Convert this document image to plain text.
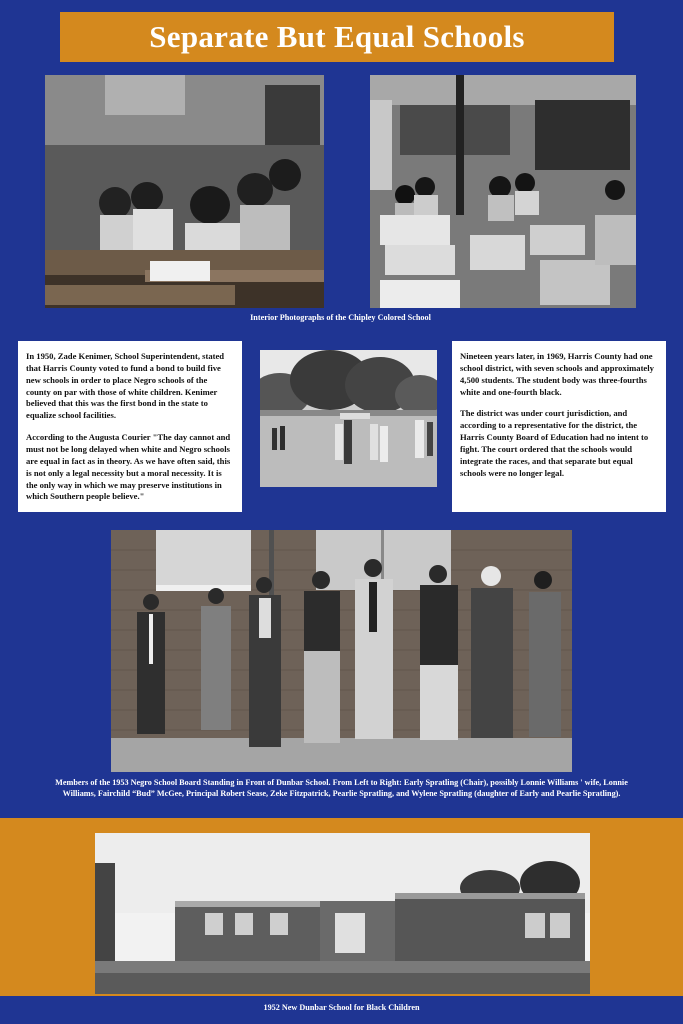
Separate But Equal Schools
Interior Photographs of the Chipley Colored School

In 1950, Zade Kenimer, School Superintendent, stated that Harris County voted to fund a bond to build five new schools in order to place Negro schools of the county on par with those of white children. Kenimer believed that this was the first bond in the state to equalize school facilities.

According to the Augusta Courier "The day cannot and must not be long delayed when white and Negro schools are equal in fact as in theory. As we have often said, this is not only a legal necessity but a moral necessity. It is the only way in which we may preserve institutions in which Southern people believe."

Nineteen years later, in 1969, Harris County had one school district, with seven schools and approximately 4,500 students. The student body was three-fourths white and one-fourth black.

The district was under court jurisdiction, and according to a representative for the district, the Harris County Board of Education had no intent to fight. The court ordered that the schools would integrate the races, and that separate but equal schools were no longer legal.

Members of the 1953 Negro School Board Standing in Front of Dunbar School. From Left to Right: Early Spratling (Chair), possibly Lonnie Williams ' wife, Lonnie Williams, Fairchild “Bud” McGee, Principal Robert Sease, Zeke Fitzpatrick, Pearlie Spratling, and Wylene Spratling (daughter of Early and Pearlie Spratling).
1952 New Dunbar School for Black Children
